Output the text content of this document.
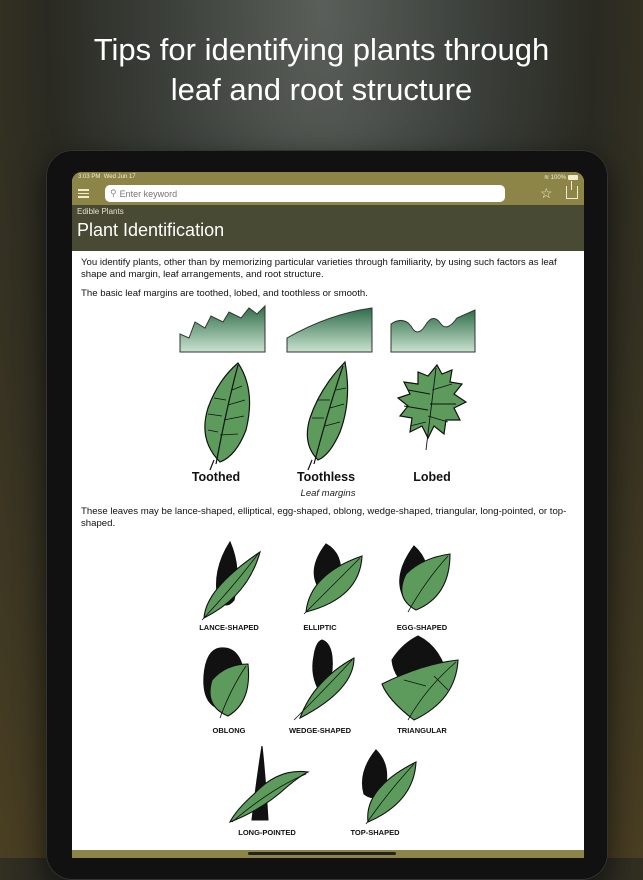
Tips for identifying plants through
leaf and root structure
3:03 PM Wed Jun 17	≋ 100%
⚲
Enter keyword	☆
Edible Plants
Plant Identification

You identify plants, other than by memorizing particular varieties through familiarity, by using such factors as leaf shape and margin, leaf arrangements, and root structure.

The basic leaf margins are toothed, lobed, and toothless or smooth.

Toothed	Toothless	Lobed
Leaf margins

These leaves may be lance-shaped, elliptical, egg-shaped, oblong, wedge-shaped, triangular, long-pointed, or top-shaped.

LANCE-SHAPED	ELLIPTIC	EGG-SHAPED
OBLONG	WEDGE-SHAPED	TRIANGULAR
LONG-POINTED	TOP-SHAPED
